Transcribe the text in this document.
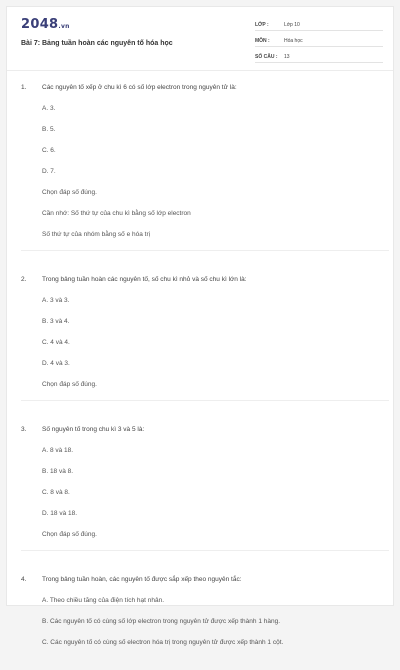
2048.vn
Bài 7: Bảng tuần hoàn các nguyên tố hóa học
LỚP :	Lớp 10
MÔN :	Hóa học
SỐ CÂU :	13
1.	Các nguyên tố xếp ở chu kì 6 có số lớp electron trong nguyên tử là:
A. 3.
B. 5.
C. 6.
D. 7.
Chọn đáp số đúng.
Cần nhớ: Số thứ tự của chu kì bằng số lớp electron
Số thứ tự của nhóm bằng số e hóa trị
2.	Trong bảng tuần hoàn các nguyên tố, số chu kì nhỏ và số chu kì lớn là:
A. 3 và 3.
B. 3 và 4.
C. 4 và 4.
D. 4 và 3.
Chọn đáp số đúng.
3.	Số nguyên tố trong chu kì 3 và 5 là:
A. 8 và 18.
B. 18 và 8.
C. 8 và 8.
D. 18 và 18.
Chọn đáp số đúng.
4.	Trong bảng tuần hoàn, các nguyên tố được sắp xếp theo nguyên tắc:
A. Theo chiều tăng của điện tích hạt nhân.
B. Các nguyên tố có cùng số lớp electron trong nguyên tử được xếp thành 1 hàng.
C. Các nguyên tố có cùng số electron hóa trị trong nguyên tử được xếp thành 1 cột.
